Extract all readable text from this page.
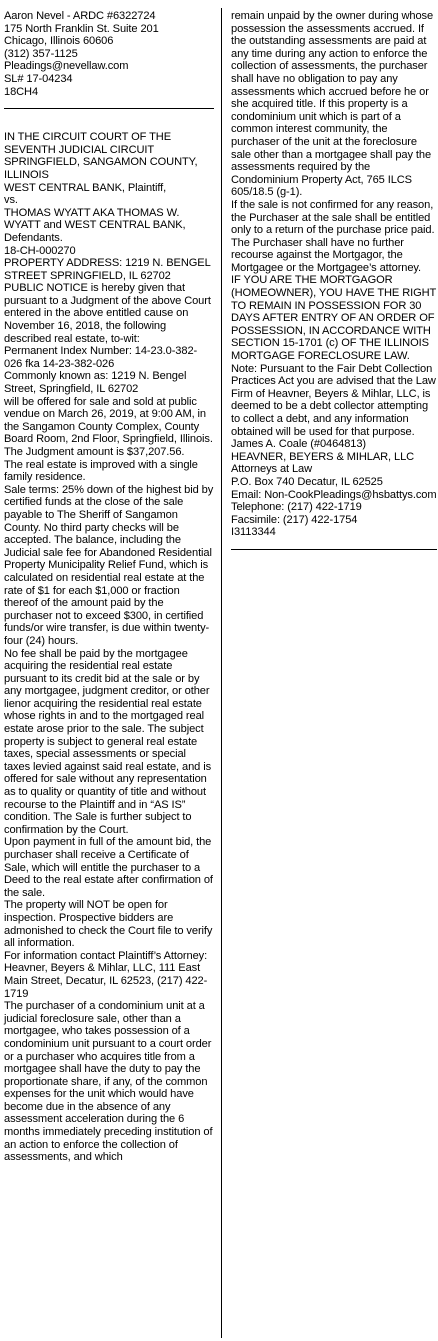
Aaron Nevel - ARDC #6322724
175 North Franklin St. Suite 201
Chicago, Illinois 60606
(312) 357-1125
Pleadings@nevellaw.com
SL# 17-04234
18CH4

IN THE CIRCUIT COURT OF THE SEVENTH JUDICIAL CIRCUIT
SPRINGFIELD, SANGAMON COUNTY, ILLINOIS

WEST CENTRAL BANK, Plaintiff,

vs.

THOMAS WYATT AKA THOMAS W. WYATT and WEST CENTRAL BANK, Defendants.

18-CH-000270

PROPERTY ADDRESS: 1219 N. BENGEL STREET SPRINGFIELD, IL 62702

PUBLIC NOTICE is hereby given that pursuant to a Judgment of the above Court entered in the above entitled cause on November 16, 2018, the following described real estate, to-wit:

Permanent Index Number: 14-23.0-382-026 fka 14-23-382-026

Commonly known as: 1219 N. Bengel Street, Springfield, IL 62702

will be offered for sale and sold at public vendue on March 26, 2019, at 9:00 AM, in the Sangamon County Complex, County Board Room, 2nd Floor, Springfield, Illinois.

The Judgment amount is $37,207.56.

The real estate is improved with a single family residence.

Sale terms: 25% down of the highest bid by certified funds at the close of the sale payable to The Sheriff of Sangamon County. No third party checks will be accepted. The balance, including the Judicial sale fee for Abandoned Residential Property Municipality Relief Fund, which is calculated on residential real estate at the rate of $1 for each $1,000 or fraction thereof of the amount paid by the purchaser not to exceed $300, in certified funds/or wire transfer, is due within twenty-four (24) hours.

No fee shall be paid by the mortgagee acquiring the residential real estate pursuant to its credit bid at the sale or by any mortgagee, judgment creditor, or other lienor acquiring the residential real estate whose rights in and to the mortgaged real estate arose prior to the sale. The subject property is subject to general real estate taxes, special assessments or special taxes levied against said real estate, and is offered for sale without any representation as to quality or quantity of title and without recourse to the Plaintiff and in “AS IS” condition. The Sale is further subject to confirmation by the Court.

Upon payment in full of the amount bid, the purchaser shall receive a Certificate of Sale, which will entitle the purchaser to a Deed to the real estate after confirmation of the sale.

The property will NOT be open for inspection. Prospective bidders are admonished to check the Court file to verify all information.

For information contact Plaintiff’s Attorney: Heavner, Beyers & Mihlar, LLC, 111 East Main Street, Decatur, IL 62523, (217) 422-1719

The purchaser of a condominium unit at a judicial foreclosure sale, other than a mortgagee, who takes possession of a condominium unit pursuant to a court order or a purchaser who acquires title from a mortgagee shall have the duty to pay the proportionate share, if any, of the common expenses for the unit which would have become due in the absence of any assessment acceleration during the 6 months immediately preceding institution of an action to enforce the collection of assessments, and which

remain unpaid by the owner during whose possession the assessments accrued. If the outstanding assessments are paid at any time during any action to enforce the collection of assessments, the purchaser shall have no obligation to pay any assessments which accrued before he or she acquired title. If this property is a condominium unit which is part of a common interest community, the purchaser of the unit at the foreclosure sale other than a mortgagee shall pay the assessments required by the Condominium Property Act, 765 ILCS 605/18.5 (g-1).

If the sale is not confirmed for any reason, the Purchaser at the sale shall be entitled only to a return of the purchase price paid. The Purchaser shall have no further recourse against the Mortgagor, the Mortgagee or the Mortgagee’s attorney.

IF YOU ARE THE MORTGAGOR (HOMEOWNER), YOU HAVE THE RIGHT TO REMAIN IN POSSESSION FOR 30 DAYS AFTER ENTRY OF AN ORDER OF POSSESSION, IN ACCORDANCE WITH SECTION 15-1701 (c) OF THE ILLINOIS MORTGAGE FORECLOSURE LAW.

Note: Pursuant to the Fair Debt Collection Practices Act you are advised that the Law Firm of Heavner, Beyers & Mihlar, LLC, is deemed to be a debt collector attempting to collect a debt, and any information obtained will be used for that purpose.

James A. Coale (#0464813)
HEAVNER, BEYERS & MIHLAR, LLC
Attorneys at Law
P.O. Box 740 Decatur, IL 62525
Email: Non-CookPleadings@hsbattys.com
Telephone: (217) 422-1719
Facsimile: (217) 422-1754
I3113344
